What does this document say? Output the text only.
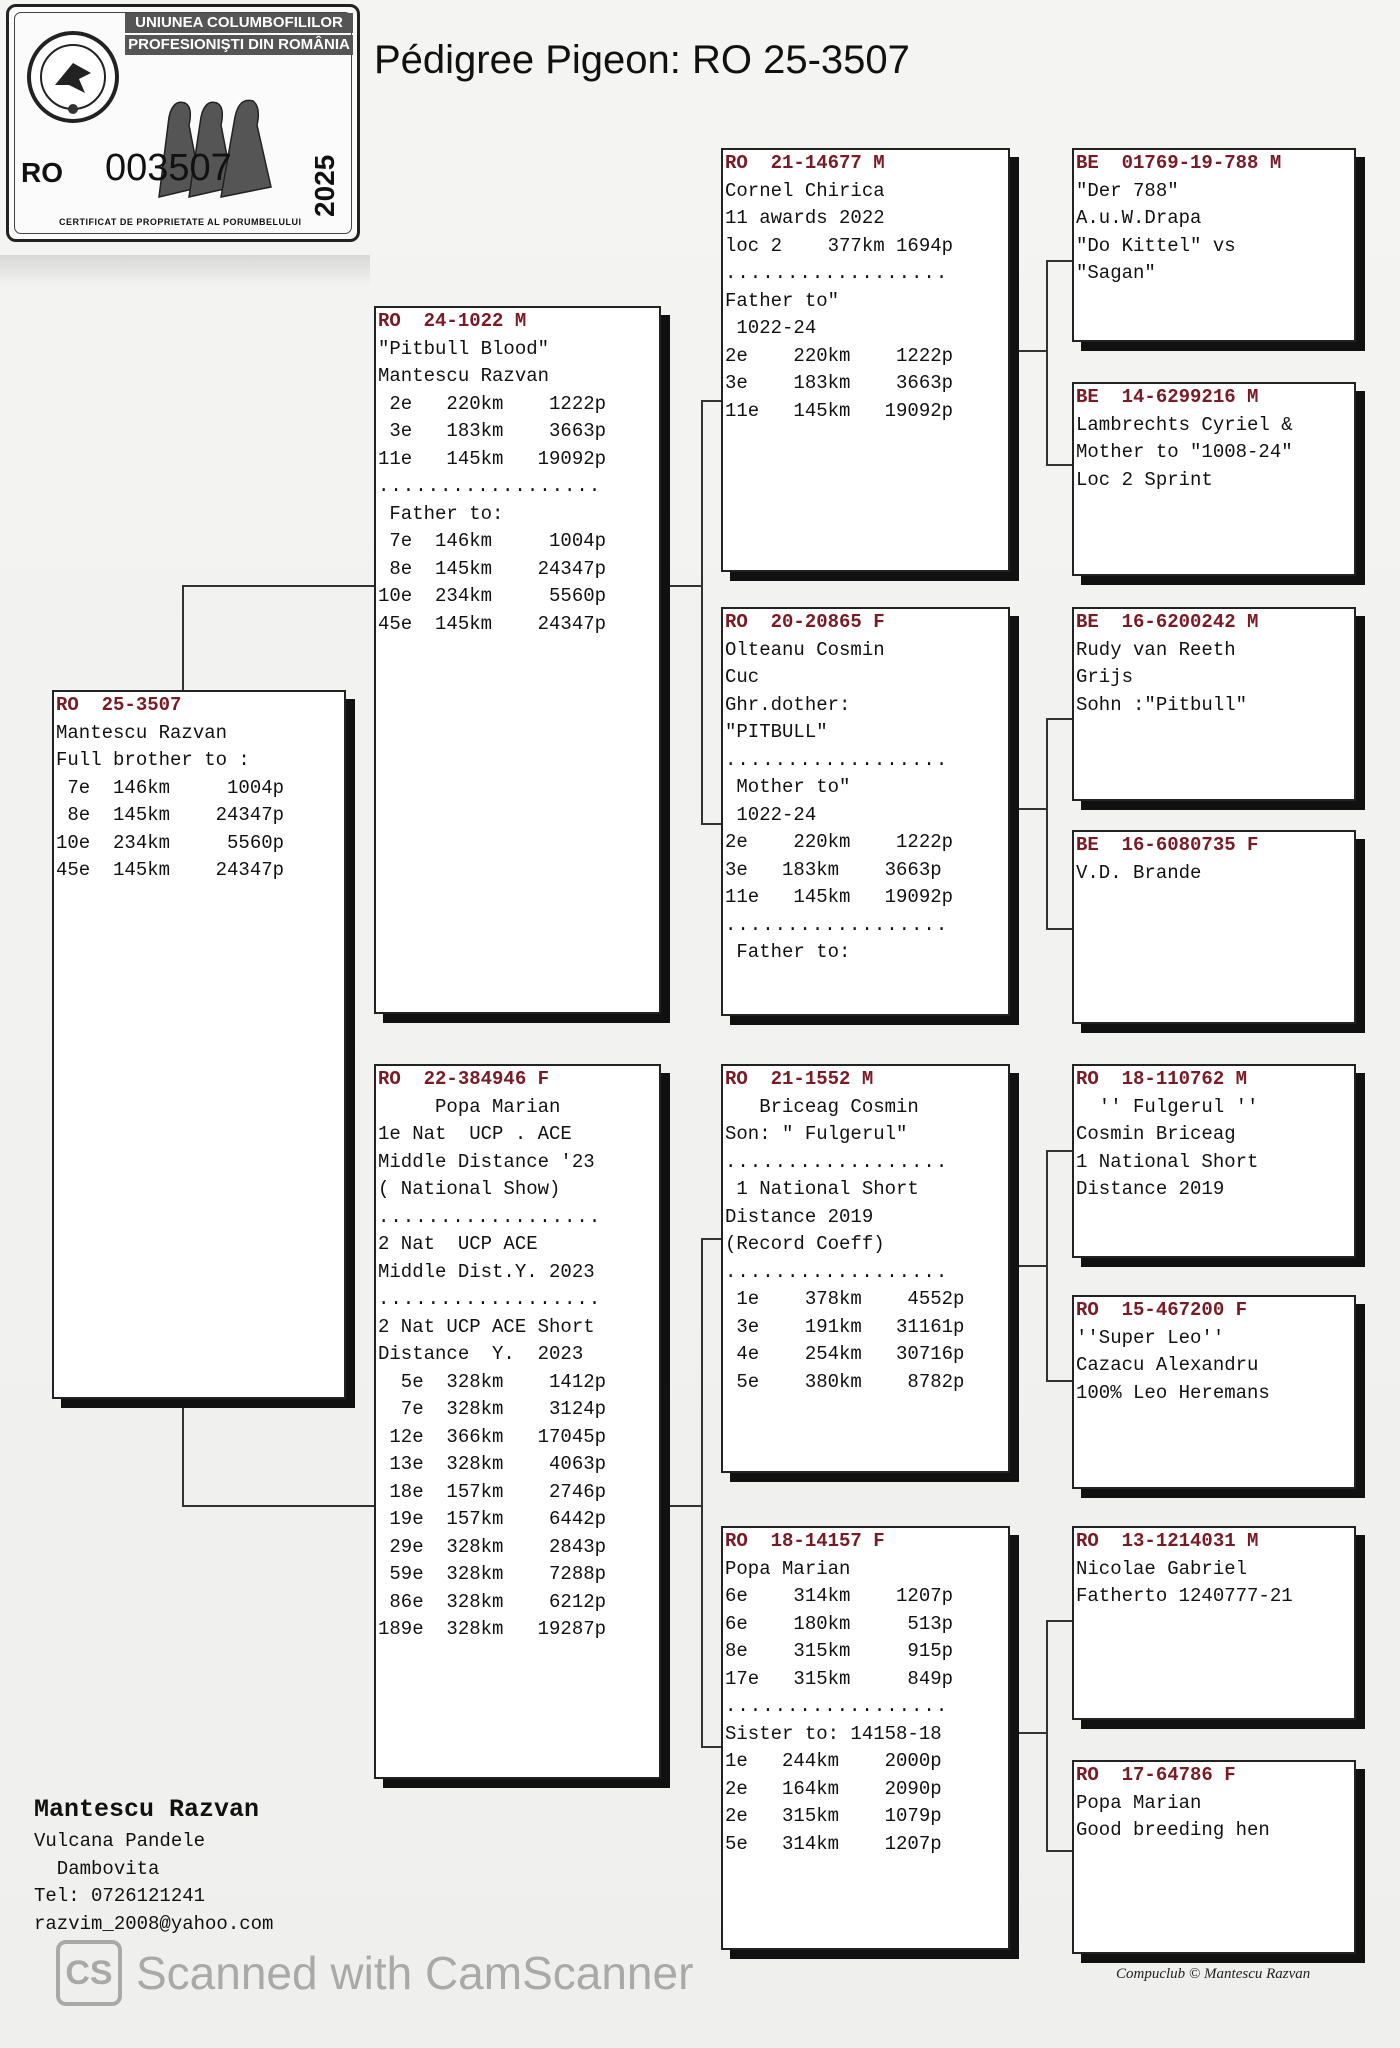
UNIUNEA COLUMBOFILILOR
PROFESIONIŞTI DIN ROMÂNIA
RO 003507	2025
CERTIFICAT DE PROPRIETATE AL PORUMBELULUI
Pédigree Pigeon: RO 25-3507
RO  25-3507
Mantescu Razvan
Full brother to :
7e  146km     1004p
8e  145km    24347p
10e  234km     5560p
45e  145km    24347p
RO  24-1022 M
"Pitbull Blood"
Mantescu Razvan
2e   220km    1222p
3e   183km    3663p
11e   145km   19092p
..................
Father to:
7e  146km     1004p
8e  145km    24347p
10e  234km     5560p
45e  145km    24347p
RO  22-384946 F
Popa Marian
1e Nat  UCP . ACE
Middle Distance '23
( National Show)
..................
2 Nat  UCP ACE
Middle Dist.Y. 2023
..................
2 Nat UCP ACE Short
Distance  Y.  2023
5e  328km    1412p
7e  328km    3124p
12e  366km   17045p
13e  328km    4063p
18e  157km    2746p
19e  157km    6442p
29e  328km    2843p
59e  328km    7288p
86e  328km    6212p
189e  328km   19287p
RO  21-14677 M
Cornel Chirica
11 awards 2022
loc 2    377km 1694p
..................
Father to"
1022-24
2e    220km    1222p
3e    183km    3663p
11e   145km   19092p
RO  20-20865 F
Olteanu Cosmin
Cuc
Ghr.dother:
"PITBULL"
..................
Mother to"
1022-24
2e    220km    1222p
3e   183km    3663p
11e   145km   19092p
..................
Father to:
RO  21-1552 M
Briceag Cosmin
Son: " Fulgerul"
..................
1 National Short
Distance 2019
(Record Coeff)
..................
1e    378km    4552p
3e    191km   31161p
4e    254km   30716p
5e    380km    8782p
RO  18-14157 F
Popa Marian
6e    314km    1207p
6e    180km     513p
8e    315km     915p
17e   315km     849p
..................
Sister to: 14158-18
1e   244km    2000p
2e   164km    2090p
2e   315km    1079p
5e   314km    1207p
BE  01769-19-788 M
"Der 788"
A.u.W.Drapa
"Do Kittel" vs
"Sagan"
BE  14-6299216 M
Lambrechts Cyriel &
Mother to "1008-24"
Loc 2 Sprint
BE  16-6200242 M
Rudy van Reeth
Grijs
Sohn :"Pitbull"
BE  16-6080735 F
V.D. Brande
RO  18-110762 M
'' Fulgerul ''
Cosmin Briceag
1 National Short
Distance 2019
RO  15-467200 F
''Super Leo''
Cazacu Alexandru
100% Leo Heremans
RO  13-1214031 M
Nicolae Gabriel
Fatherto 1240777-21
RO  17-64786 F
Popa Marian
Good breeding hen
Mantescu Razvan
Vulcana Pandele
Dambovita
Tel: 0726121241
razvim_2008@yahoo.com
CS Scanned with CamScanner	Compuclub © Mantescu Razvan
